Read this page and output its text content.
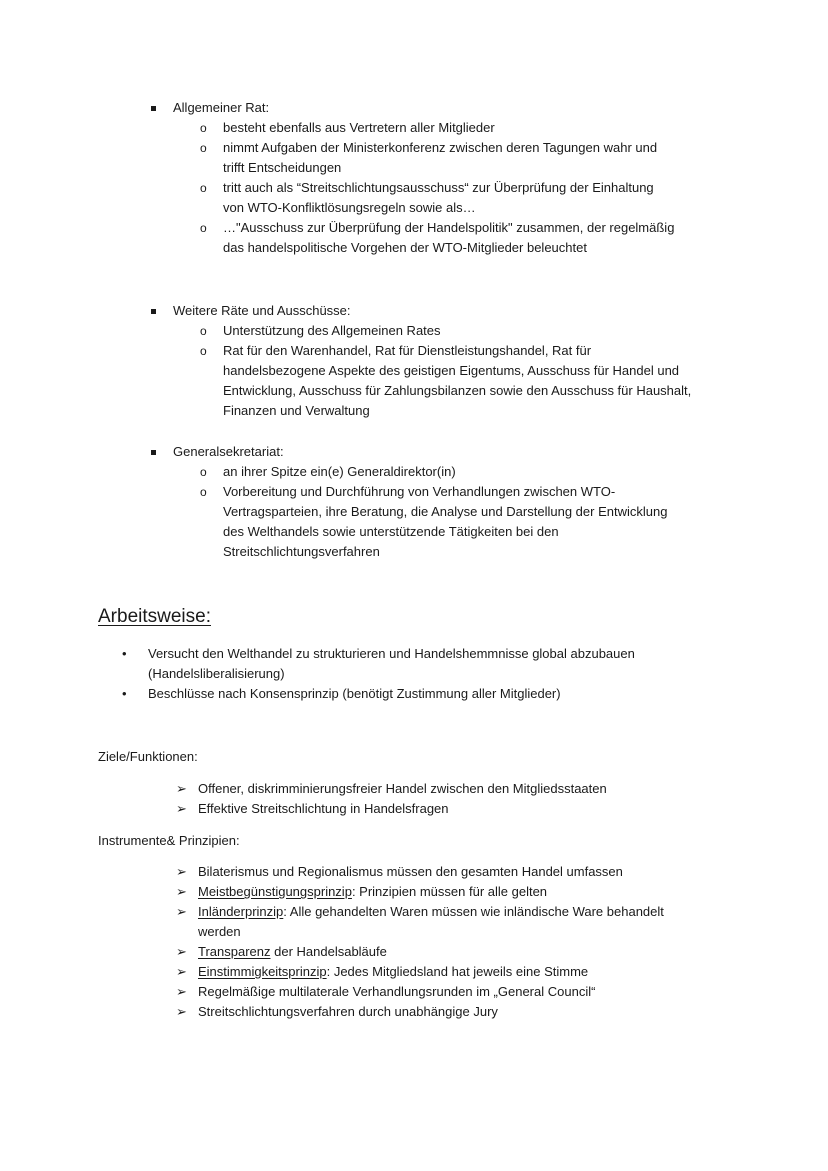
Allgemeiner Rat:
o besteht ebenfalls aus Vertretern aller Mitglieder
o nimmt Aufgaben der Ministerkonferenz zwischen deren Tagungen wahr und
trifft Entscheidungen
o tritt auch als “Streitschlichtungsausschuss“ zur Überprüfung der Einhaltung
von WTO-Konfliktlösungsregeln sowie als…
o …"Ausschuss zur Überprüfung der Handelspolitik" zusammen, der regelmäßig
das handelspolitische Vorgehen der WTO-Mitglieder beleuchtet
Weitere Räte und Ausschüsse:
o Unterstützung des Allgemeinen Rates
o Rat für den Warenhandel, Rat für Dienstleistungshandel, Rat für
handelsbezogene Aspekte des geistigen Eigentums, Ausschuss für Handel und
Entwicklung, Ausschuss für Zahlungsbilanzen sowie den Ausschuss für Haushalt,
Finanzen und Verwaltung
Generalsekretariat:
o an ihrer Spitze ein(e) Generaldirektor(in)
o Vorbereitung und Durchführung von Verhandlungen zwischen WTO-
Vertragsparteien, ihre Beratung, die Analyse und Darstellung der Entwicklung
des Welthandels sowie unterstützende Tätigkeiten bei den
Streitschlichtungsverfahren
Arbeitsweise:
• Versucht den Welthandel zu strukturieren und Handelshemmnisse global abzubauen
(Handelsliberalisierung)
• Beschlüsse nach Konsensprinzip (benötigt Zustimmung aller Mitglieder)
Ziele/Funktionen:
➢ Offener, diskrimminierungsfreier Handel zwischen den Mitgliedsstaaten
➢ Effektive Streitschlichtung in Handelsfragen
Instrumente& Prinzipien:
➢ Bilaterismus und Regionalismus müssen den gesamten Handel umfassen
➢ Meistbegünstigungsprinzip: Prinzipien müssen für alle gelten
➢ Inländerprinzip: Alle gehandelten Waren müssen wie inländische Ware behandelt
werden
➢ Transparenz der Handelsabläufe
➢ Einstimmigkeitsprinzip: Jedes Mitgliedsland hat jeweils eine Stimme
➢ Regelmäßige multilaterale Verhandlungsrunden im „General Council“
➢ Streitschlichtungsverfahren durch unabhängige Jury
